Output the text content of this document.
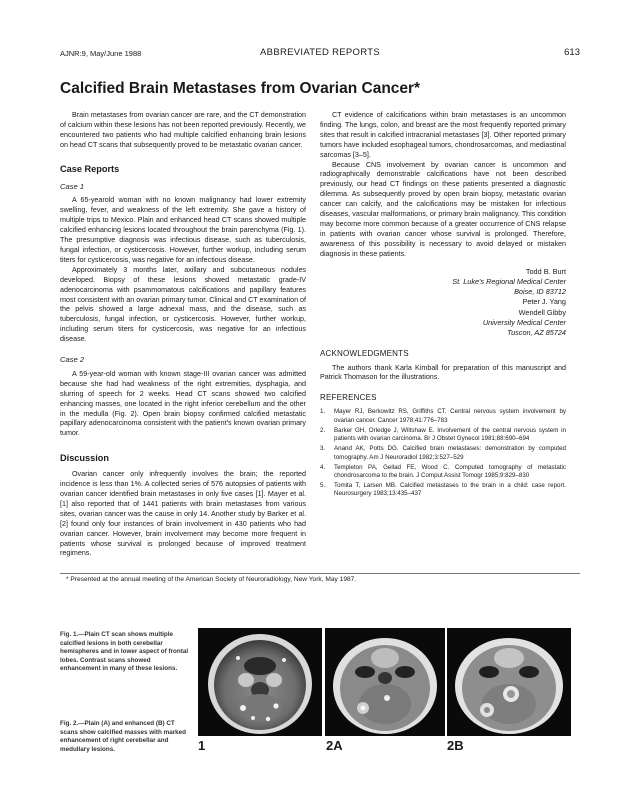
AJNR:9, May/June 1988	ABBREVIATED REPORTS	613
Calcified Brain Metastases from Ovarian Cancer*

Brain metastases from ovarian cancer are rare, and the CT demonstration of calcium within these lesions has not been reported previously. Recently, we encountered two patients who had multiple calcified enhancing brain lesions on head CT scans that subsequently proved to be metastatic ovarian cancer.

Case Reports
Case 1

A 65-yearold woman with no known malignancy had lower extremity swelling, fever, and weakness of the left extremity. She gave a history of multiple trips to Mexico. Plain and enhanced head CT scans showed multiple calcified enhancing lesions located throughout the brain parenchyma (Fig. 1). The presumptive diagnosis was infectious disease, such as tuberculosis, fungal infection, or cysticercosis. However, further workup, including serum titers for cysticercosis, was negative for an infectious disease.

Approximately 3 months later, axillary and subcutaneous nodules developed. Biopsy of these lesions showed metastatic grade-IV adenocarcinoma with psammomatous calcifications and papillary features most consistent with an ovarian primary tumor. Clinical and CT examination of the pelvis showed a large adnexal mass, and the disease, such as tuberculosis, fungal infection, or cysticercosis. However, further workup, including serum titers for cysticercosis, was negative for an infectious disease.

Case 2

A 59-year-old woman with known stage-III ovarian cancer was admitted because she had had weakness of the right extremities, dysphagia, and slurring of speech for 2 weeks. Head CT scans showed two calcified enhancing masses, one located in the right inferior cerebellum and the other in the medulla (Fig. 2). Open brain biopsy confirmed calcified metastatic papillary adenocarcinoma consistent with the patient's known ovarian primary tumor.

Discussion

Ovarian cancer only infrequently involves the brain; the reported incidence is less than 1%. A collected series of 576 autopsies of patients with ovarian cancer identified brain metastases in only five cases [1]. Mayer et al. [1] also reported that of 1441 patients with brain metastases from various sites, ovarian cancer was the cause in only 14. Another study by Barker et al. [2] found only four instances of brain involvement in 430 patients who had ovarian cancer. However, brain involvement may become more frequent in patients whose survival is prolonged because of improved treatment regimens.

CT evidence of calcifications within brain metastases is an uncommon finding. The lungs, colon, and breast are the most frequently reported primary sites that result in calcified intracranial metastases [3]. Other reported primary tumors have included esophageal tumors, chondrosarcomas, and mediastinal sarcomas [3–5].

Because CNS involvement by ovarian cancer is uncommon and radiographically demonstrable calcifications have not been described previously, our head CT findings on these patients presented a diagnostic dilemma. As subsequently proved by open brain biopsy, metastatic ovarian cancer can calcify, and the calcifications may be mistaken for infectious diseases, vascular malformations, or primary brain malignancy. This condition may become more common because of a greater occurrence of CNS relapse in patients with ovarian cancer whose survival is prolonged. Therefore, awareness of this possibility is necessary to avoid delayed or mistaken diagnosis in these patients.

Todd B. Burt
St. Luke's Regional Medical Center
Boise, ID 83712
Peter J. Yang
Wendell Gibby
University Medical Center
Tuscon, AZ 85724
ACKNOWLEDGMENTS

The authors thank Karla Kimball for preparation of this manuscript and Patrick Thomason for the illustrations.

REFERENCES
1. Mayer RJ, Berkowitz RS, Griffiths CT. Central nervous system involvement by ovarian cancer. Cancer 1978;41:776–783
2. Barker GH, Orledge J, Wiltshaw E. Involvement of the central nervous system in patients with ovarian carcinoma. Br J Obstet Gynecol 1981;88:690–694
3. Anand AK, Potts DG. Calcified brain metastases: demonstration by computed tomography. Am J Neuroradiol 1982;3:527–529
4. Templeton PA, Gellad FE, Wood C. Computed tomography of metastatic chondrosarcoma to the brain. J Comput Assist Tomogr 1985;9:829–830
5. Tomita T, Larsen MB. Calcified metastases to the brain in a child: case report. Neurosurgery 1983;13:435–437
* Presented at the annual meeting of the American Society of Neuroradiology, New York, May 1987.
Fig. 1.—Plain CT scan shows multiple calcified lesions in both cerebellar hemispheres and in lower aspect of frontal lobes. Contrast scans showed enhancement in many of these lesions.
Fig. 2.—Plain (A) and enhanced (B) CT scans show calcified masses with marked enhancement of right cerebellar and medullary lesions.	1	2A	2B
